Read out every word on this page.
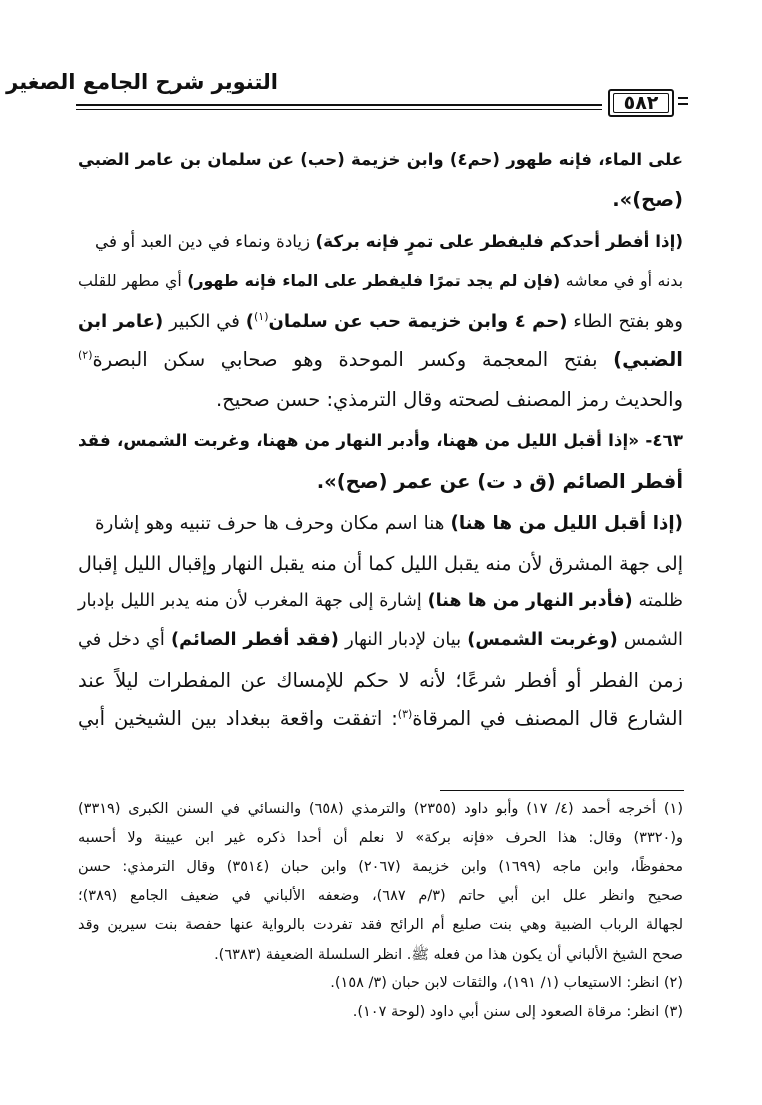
التنوير شرح الجامع الصغير
٥٨٢
على الماء، فإنه طهور (حم٤) وابن خزيمة (حب) عن سلمان بن عامر الضبي
(صح)».
(إذا أفطر أحدكم فليفطر على تمرٍ فإنه بركة) زيادة ونماء في دين العبد أو في
بدنه أو في معاشه (فإن لم يجد تمرًا فليفطر على الماء فإنه طهور) أي مطهر للقلب
وهو بفتح الطاء (حم ٤ وابن خزيمة حب عن سلمان$^{(١)}$) في الكبير (عامر ابن
الضبي) بفتح المعجمة وكسر الموحدة وهو صحابي سكن البصرة$^{(٢)}$
والحديث رمز المصنف لصحته وقال الترمذي: حسن صحيح.
٤٦٣- «إذا أقبل الليل من ههنا، وأدبر النهار من ههنا، وغربت الشمس، فقد
أفطر الصائم (ق د ت) عن عمر (صح)».
(إذا أقبل الليل من ها هنا) هنا اسم مكان وحرف ها حرف تنبيه وهو إشارة
إلى جهة المشرق لأن منه يقبل الليل كما أن منه يقبل النهار وإقبال الليل إقبال
ظلمته (فأدبر النهار من ها هنا) إشارة إلى جهة المغرب لأن منه يدبر الليل بإدبار
الشمس (وغربت الشمس) بيان لإدبار النهار (فقد أفطر الصائم) أي دخل في
زمن الفطر أو أفطر شرعًا؛ لأنه لا حكم للإمساك عن المفطرات ليلاً عند
الشارع قال المصنف في المرقاة$^{(٣)}$: اتفقت واقعة ببغداد بين الشيخين أبي
(١) أخرجه أحمد (٤/ ١٧) وأبو داود (٢٣٥٥) والترمذي (٦٥٨) والنسائي في السنن الكبرى (٣٣١٩)
و(٣٣٢٠) وقال: هذا الحرف «فإنه بركة» لا نعلم أن أحدا ذكره غير ابن عيينة ولا أحسبه
محفوظًا، وابن ماجه (١٦٩٩) وابن خزيمة (٢٠٦٧) وابن حبان (٣٥١٤) وقال الترمذي: حسن
صحيح وانظر علل ابن أبي حاتم (٣/م ٦٨٧)، وضعفه الألباني في ضعيف الجامع (٣٨٩)؛
لجهالة الرباب الضبية وهي بنت صليع أم الرائح فقد تفردت بالرواية عنها حفصة بنت سيرين وقد
صحح الشيخ الألباني أن يكون هذا من فعله ﷺ. انظر السلسلة الضعيفة (٦٣٨٣).
(٢) انظر: الاستيعاب (١/ ١٩١)، والثقات لابن حبان (٣/ ١٥٨).
(٣) انظر: مرقاة الصعود إلى سنن أبي داود (لوحة ١٠٧).
